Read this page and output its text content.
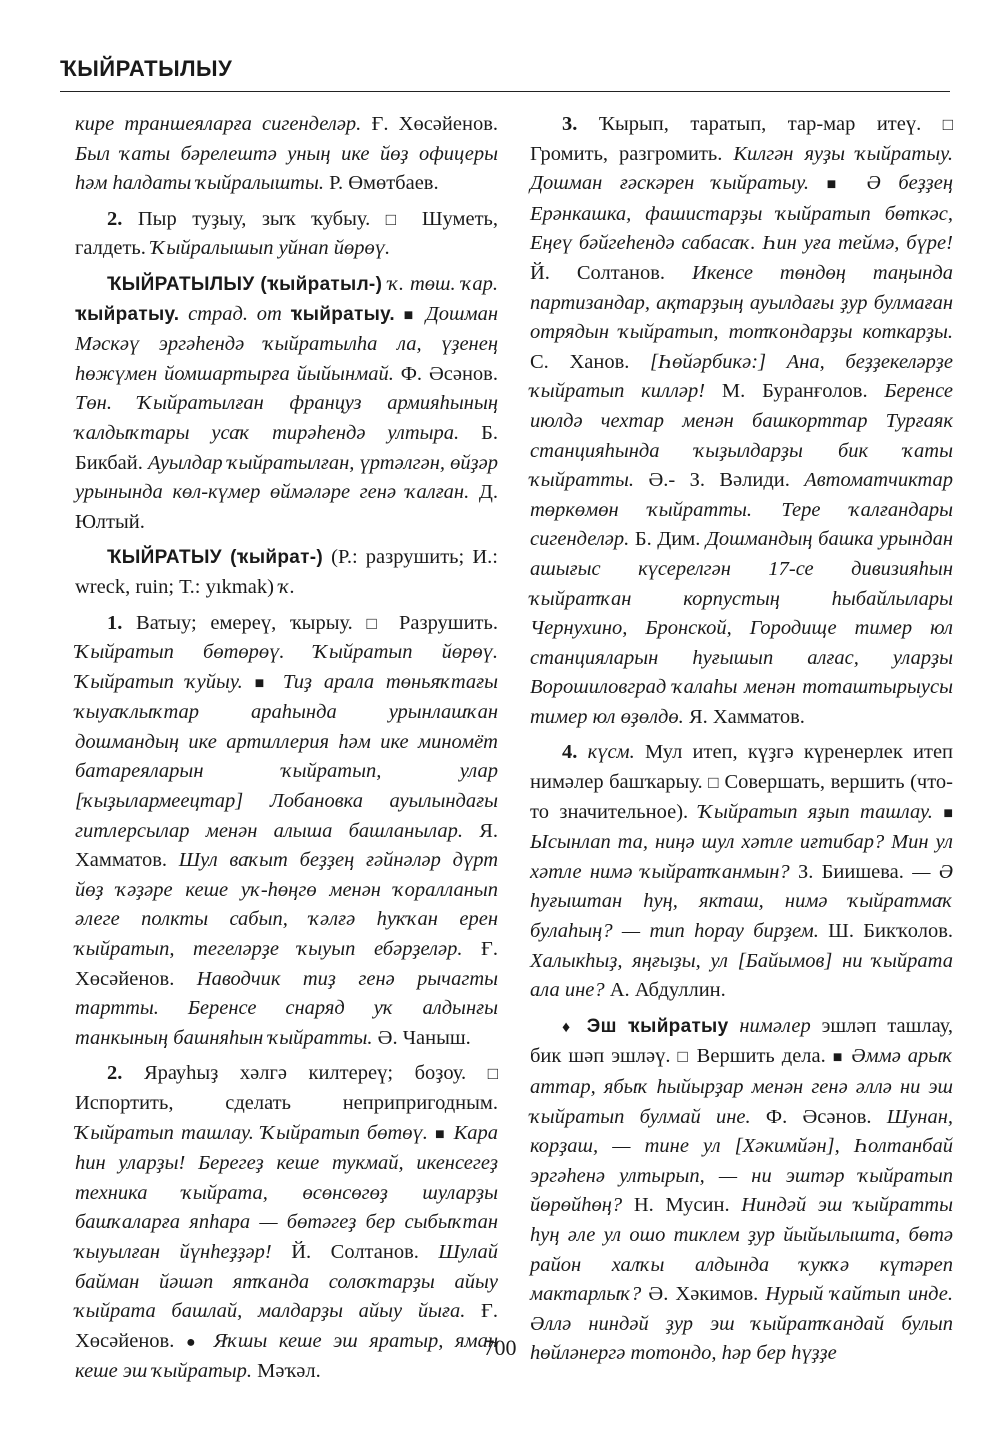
ҠЫЙРАТЫЛЫУ

кире траншеяларға сигенделәр. Ғ. Хөсәйенов. Был ҡаты бәрелештә уның ике йөҙ офицеры һәм һалдаты ҡыйралышты. Р. Өмөтбаев.

2. Пыр туҙыу, зыҡ ҡубыу. □ Шуметь, галдеть. Ҡыйралышып уйнап йөрөү.

ҠЫЙРАТЫЛЫУ (ҡыйратыл-) ҡ. төш. ҡар. ҡыйратыу. страд. от ҡыйратыу. ■ Дошман Мәскәү эргәһендә ҡыйратылһа ла, үҙенең һөжүмен йомшартырға йыйынмай. Ф. Әсәнов. Төн. Ҡыйратылған француз армияһының ҡалдыҡтары усаҡ тирәһендә ултыра. Б. Бикбай. Ауылдар ҡыйратылған, үртәлгән, өйҙәр урынында көл-күмер өймәләре генә ҡалған. Д. Юлтый.

ҠЫЙРАТЫУ (ҡыйрат-) (Р.: разрушить; И.: wreck, ruin; Т.: yıkmak) ҡ.

1. Ватыу; емереү, ҡырыу. □ Разрушить. Ҡыйратып бөтөрөү. Ҡыйратып йөрөү. Ҡыйратып ҡуйыу. ■ Тиҙ арала төньяҡтағы ҡыуаҡлыҡтар араһында урынлашҡан дошмандың ике артиллерия һәм ике миномёт батареяларын ҡыйратып, улар [ҡыҙылармеецтар] Лобановка ауылындағы гитлерсылар менән алыша башланылар. Я. Хамматов. Шул ваҡыт беҙҙең ғәйнәләр дүрт йөҙ ҡәҙәре кеше уҡ-һөңгө менән ҡоралланып әлеге полкты сабып, ҡәлғә һуҡҡан ерен ҡыйратып, тегеләрҙе ҡыуып ебәрҙеләр. Ғ. Хөсәйенов. Наводчик тиҙ генә рычагты тартты. Беренсе снаряд уҡ алдынғы танкының башняһын ҡыйратты. Ә. Чаныш.

2. Ярауһыҙ хәлгә килтереү; боҙоу. □ Испортить, сделать неприпригодным. Ҡыйратып ташлау. Ҡыйратып бөтөү. ■ Кара һин уларҙы! Берегеҙ кеше тукмай, икенсегеҙ техника ҡыйрата, өсөнсөгөҙ шуларҙы башҡаларға япһара — бөтәгеҙ бер сыбыҡтан ҡыуылған йүнһеҙҙәр! Й. Солтанов. Шулай байман йәшәп ятҡанда солоҡтарҙы айыу ҡыйрата башлай, малдарҙы айыу йыға. Ғ. Хөсәйенов. ● Яҡшы кеше эш яратыр, яман кеше эш ҡыйратыр. Мәҡәл.

3. Ҡырып, таратып, тар-мар итеү. □ Громить, разгромить. Килгән яуҙы ҡыйратыу. Дошман ғәскәрен ҡыйратыу. ■ Ә беҙҙең Ерәнкашка, фашистарҙы ҡыйратып бөткәс, Еңеү бәйгеһендә сабасаҡ. Һин уға теймә, бүре! Й. Солтанов. Икенсе төндөң таңында партизандар, ақтарҙың ауылдағы ҙур булмаған отрядын ҡыйратып, тотҡондарҙы коткарҙы. С. Ханов. [Һөйәрбикә:] Ана, беҙҙекеләрҙе ҡыйратып килләр! М. Буранғолов. Беренсе июлдә чехтар менән башкорттар Турғаяк станцияһында ҡыҙылдарҙы бик ҡаты ҡыйратты. Ә.- З. Вәлиди. Автоматчиктар төркөмөн ҡыйратты. Тере ҡалғандары сигенделәр. Б. Дим. Дошмандың башка урындан ашығыс күсерелгән 17-се дивизияһын ҡыйратҡан корпустың һыбайлылары Чернухино, Бронской, Городище тимер юл станцияларын һуғышып алғас, уларҙы Ворошиловград ҡалаһы менән тоташтырыусы тимер юл өҙөлдө. Я. Хамматов.

4. күсм. Мул итеп, күҙгә күренерлек итеп нимәлер башҡарыу. □ Совершать, вершить (что-то значительное). Ҡыйратып яҙып ташлау. ■ Ысынлап та, ниңә шул хәтле иғтибар? Мин ул хәтле нимә ҡыйратҡанмын? З. Биишева. — Ә һуғыштан һуң, якташ, нимә ҡыйратмаҡ булаһың? — тип һорау бирҙем. Ш. Бикҡолов. Халыкһыҙ, яңғыҙы, ул [Байымов] ни ҡыйрата ала ине? А. Абдуллин.

♦ Эш ҡыйратыу нимәлер эшләп ташлау, бик шәп эшләү. □ Вершить дела. ■ Әммә арыҡ аттар, ябыҡ һыйырҙар менән генә әллә ни эш ҡыйратып булмай ине. Ф. Әсәнов. Шунан, корҙаш, — тине ул [Хәкимйән], Һолтанбай эргәһенә ултырып, — ни эштәр ҡыйратып йөрөйһөң? Н. Мусин. Ниндәй эш ҡыйратты һуң әле ул ошо тиклем ҙур йыйылышта, бөтә район халҡы алдында ҡукҡә күтәреп мактарлыҡ? Ә. Хәкимов. Нурый ҡайтып инде. Әллә ниндәй ҙур эш ҡыйратҡандай булып һөйләнергә тотондо, һәр бер һүҙҙе

700
